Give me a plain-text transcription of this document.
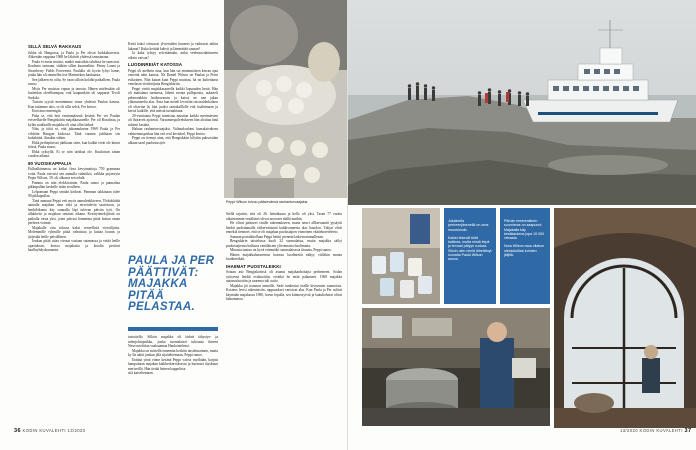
SILLÄ SELVÄ RAKKAUS

Jukka oli Hangossa, ja Paula ja Per olivat Isokkakarveria. Ahkerään vappuna 1968 he lähtivät yhdessä tanssimaan.

Paula ei ensin muista, minkä muistikin tahdissa he tanssivat. Ilonlento tarinaan, sitähän sillon kuunneltiin. Penny Lanea ja Strawberry Fields Forevernä. Paulalla oli hyvin lyhyt hame, jonka hän oli ommellut itse Marimekon kankaasta.

Sen jälkeen en oiltu. Se vaan silloin kolahti paikalleen, Paula sanoo.

Myös Per muistaa vapun ja tanssin. Hänen mielestään oli kutienkin oleellisempaa, että kaupunkiin oli sapparut Tivoli Sarkola.

Tostain syystä meninimme sinne yhdessä Paulan kanssa. Kun taitimme ulos, se oli silla selvä, Per kertoo.

Eroisista emerengiä.

Paha se, että heti ensimmäisenä kesänä Per vei Paulan eviseelkselle Bengtskärin majakkasaarelle. Per oli Rosalasta, ja kylän asukkaille majakka oli aina ollut tärkeä.

Niin, ja töitä se, että juhannuksena 1969 Paula ja Per vihittiin Hangon kirkossa. Tänä vuonna juhlitaan siis kultahäitä. Ainakin vähän.

Ehkä perhepiirissä juhlitaan siten, kun kaikki eivät ole kiinni töissä, Paula sanoo.

Ehkä syksyllä. Ei se niin tarkkaa ole. Kuuluisan sanan vuoden aikana.

90 VUOSIKAPPALIA

Pulloalkinnassa on kaiksi firsa kevytmaitoja 750 grammaa voita. Paula vaivaisi sen aamulla valmiiksi, valikka pojanvyin Pepin Wilson, 39, oli alkonut sen tehdä.

Pamma on niin elokkivainen, Paula sanoo ja paimaltaa pikkupullan keskelle reiän sivulleen.

Lelpomaan Peppi senään korkeat. Pamman takkinaan tulee 90 pikkupullaa.

Tänä aamuna Peppi veti myös aamulenkkiveen. Ylekokkähä aamulla majakan oma väki ja tervetulevät saaristoon, ja henkilökunta käy sunualla läpi tulevan päivän työt. On allukkeisi ja majakan senäoni aikana. Kesäryöntekijöistä on paikalla vasta yksi, joten päivasi hummina pitää hoitaa oman perheen voimin.

Majakalle ottu tulossa kaksi veneellistä vierailijoita. Molemmille ryhmille pitää valmistaa ja kattaa lounas ja järjestää heille päivällinen.

Ionkun pitää ottaa vieraat vastaan satamassa ja vetää heille opastuksen, kertoa majakasta ja koodia pestävä haalluyhdyskunnasta.

Kettä kaksi siivuavat ylvieraiden huoneet ja vaihtavat niihin lakanat? Kuka keittää kahvit ja lämmittää saunan?

Ja kaka tyhtyy selvittämään, mikä vedensuodattimeen oikein vaivaa?

LUODINREIÄT KATOSSA

Peppi oli melkein atua, kun hän sai ensimmäisen kerran ajaa veneittä näin kanssa. Nä Daniel Wilson on Paulan ja Perin esikoinen. Niin kauan kuin Peppi muistaa, hä on kultettanut venelasin viettäväjotta Bengtskäriin.

Peppi viettä majakkasaarella kaikki lapsuuden kesät. Hän oli mattalana turmassa, lähetti monta pullopostia, askarteli pehmotakkin lasikeavaruin ja katsoi ne nen jakan ylätasanteelta alas. Aina kun meteli levottiin ruistsaiderkalaon oli oltavina lä, hän juoksi rantakalllolle että itsähtimaan ja kertoi kaikille, että meistä tuonalrtana.

20-vuotiaana Peppi tunnistaa muuttaa kaikki merimiesten oli ihoraveit ajatovat. Varsamiespalvelukseen hän aloittaa tänä taloimi kesänä.

Haluan rauhanturvaajaksi. Valimakoskeni kansalaivaksen valmennuspaikoa hän osti reul kevääral, Peppi kertoo.

Peppi on tienuyt aina, että Bengtskärin kilytiin paksosulan alkaan saarl puolustustyöt

PAULA JA PER PÄÄTTIVÄT: MAJAKKA PITÄÄ PELASTAA.

tustoitello. Silloin majakka oli tärkeä tähystys- ja tulenjohtopaikka, jonka suomalaiset tuhoutaa ilmeen Neuvostoliiton vaaloaamaa Hankonielensi.

Majakka on mitsellä ennemän keskiin taistelutaimen, mutta ky lla näitä jonkun jälä sijaitehtemaan, Peppi sanoo.

Eräänä yönä viime kesänä Peppi valvoi myöhään, harjasi hampaitaan majakan kaikkeskerroksessa ja huomasi täyskuun meriveillä. Hän tietää heinen kappelissa

siiä katseltemaan.

Peppi Wilson toivoo pääsevänsä rauhanturvaajaksi.

Siellä tajuisin, että oli 26. heinäkuuta ja kello oli yksi. Tasan 77 vuotta aikaisemmin venäläiset olivat noosseet täällä maihin.

He olivat päässeet sisälle rakennukseen, mutta neuvi allkersaantti pysäytti heidät pudottamalla räikervaisinnä kakkivannesta alas hauolon. Tulijat olvät ennekiä tiennoet, että se oli majakan puolustajien viimeinen väätiekoreteleeto.

Samaan portaikkollaan Peppi hetitti pienenä laskeuvatumalleaan.

Bengtskärin taistelussa kuoli 32 suomalaista, mutta majakka säilyi puolustajiensa hallussa venäläisten ylivoimasta huolimatta.

Minusta tuntuu on hyvä eriennäkö suomalaisesta tituaata, Peppi sanoo.

Hänen majakkahuoneensa katossa luodinreiät näkyy vieläkin monta luodinreikää.

IHAIIMAT PUOSTALEIKKI

Sotaan asti Bengtskärissä oli asunut majakanhoitajia perheineen. Sodan syttyessä heidät evakuoitiin, eivätkä he enää palanneet. 1968 majakka automatisoitiin ja saarenta tuli autio.

Majakka jäi toonnon armoille. Sade tunkeutui sisälle kivisenten saarnoista. Kosteus levisi rakenteisiin, rappauskset varisivat alas. Kun Paula ja Per tulivat käymään majakassa 1980, luvun lopulla, sen kiinnostyivät ja laatukohteat olivat lahoamassa.

36 KODIN KUVALEHTI 13/2020
Jokainella perheenjäsenellä on oma muumimuki.
Kaikki tekevät töitä kaikkea, mutta mistä leipä ja tervaal pätyyn ruokaa. Silloin olen nimiä lähettänyt lounaita Paula Wilson sanoo.
Päivän ensimmäinen suurvieras on saapunut. Majakalla käy kesäkautena jopa 15 000 vierasta.
Nora Wilson raoa ullakon oleskelutilaa kohden jäljillä.
13/2020 KODIN KUVALEHTI 37
